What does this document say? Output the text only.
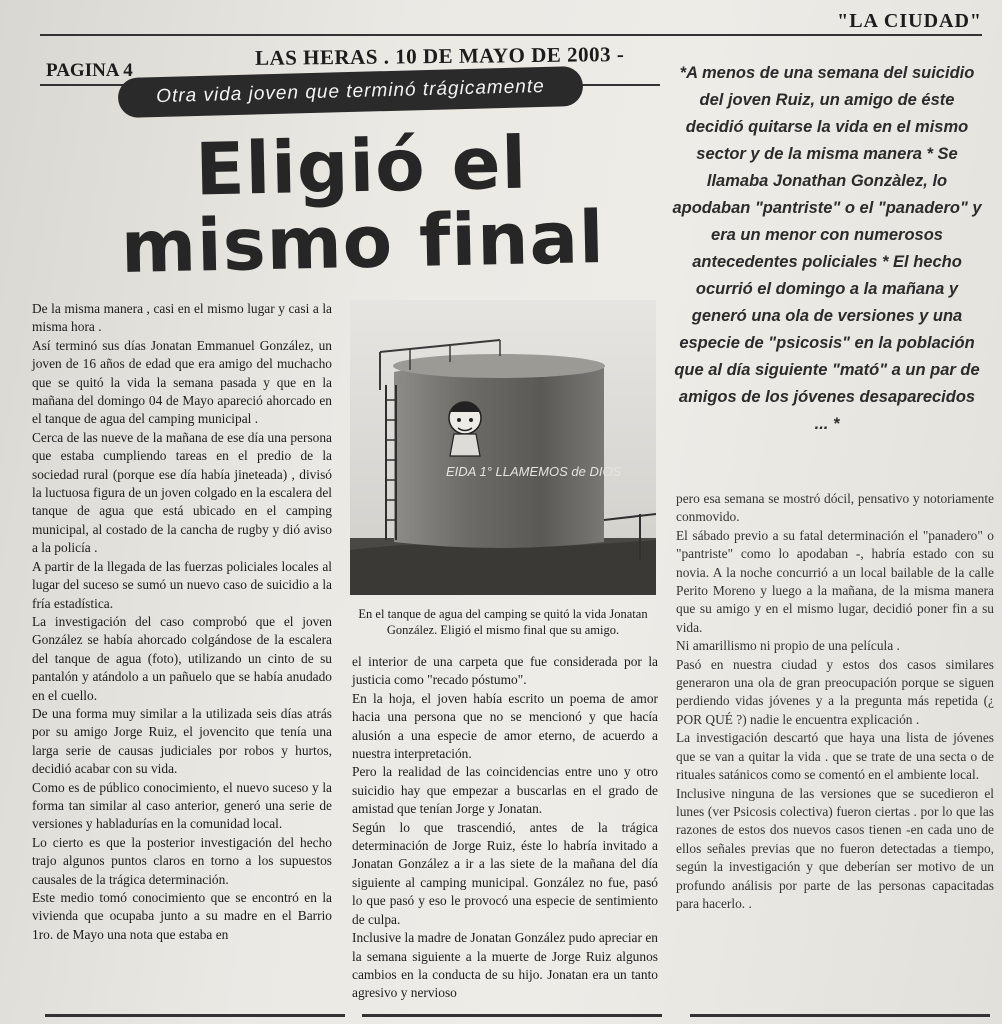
"LA CIUDAD"
LAS HERAS . 10 DE MAYO DE 2003 -
PAGINA 4
Otra vida joven que terminó trágicamente
Eligió el
mismo final
*A menos de una semana del suicidio del joven Ruiz, un amigo de éste decidió quitarse la vida en el mismo sector y de la misma manera * Se llamaba Jonathan Gonzàlez, lo apodaban "pantriste" o el "panadero" y era un menor con numerosos antecedentes policiales * El hecho ocurrió el domingo a la mañana y generó una ola de versiones y una especie de "psicosis" en la población que al día siguiente "mató" a un par de amigos de los jóvenes desaparecidos ... *

De la misma manera , casi en el mismo lugar y casi a la misma hora .

Así terminó sus días Jonatan Emmanuel González, un joven de 16 años de edad que era amigo del muchacho que se quitó la vida la semana pasada y que en la mañana del domingo 04 de Mayo apareció ahorcado en el tanque de agua del camping municipal .

Cerca de las nueve de la mañana de ese día una persona que estaba cumpliendo tareas en el predio de la sociedad rural (porque ese día había jineteada) , divisó la luctuosa figura de un joven colgado en la escalera del tanque de agua que está ubicado en el camping municipal, al costado de la cancha de rugby y dió aviso a la policía .

A partir de la llegada de las fuerzas policiales locales al lugar del suceso se sumó un nuevo caso de suicidio a la fría estadística.

La investigación del caso comprobó que el joven González se había ahorcado colgándose de la escalera del tanque de agua (foto), utilizando un cinto de su pantalón y atándolo a un pañuelo que se había anudado en el cuello.

De una forma muy similar a la utilizada seis días atrás por su amigo Jorge Ruiz, el jovencito que tenía una larga serie de causas judiciales por robos y hurtos, decidió acabar con su vida.

Como es de público conocimiento, el nuevo suceso y la forma tan similar al caso anterior, generó una serie de versiones y habladurías en la comunidad local.

Lo cierto es que la posterior investigación del hecho trajo algunos puntos claros en torno a los supuestos causales de la trágica determinación.

Este medio tomó conocimiento que se encontró en la vivienda que ocupaba junto a su madre en el Barrio 1ro. de Mayo una nota que estaba en

EIDA 1° LLAMEMOS de DIOS
En el tanque de agua del camping se quitó la vida Jonatan González. Eligió el mismo final que su amigo.

el interior de una carpeta que fue considerada por la justicia como "recado póstumo".

En la hoja, el joven había escrito un poema de amor hacia una persona que no se mencionó y que hacía alusión a una especie de amor eterno, de acuerdo a nuestra interpretación.

Pero la realidad de las coincidencias entre uno y otro suicidio hay que empezar a buscarlas en el grado de amistad que tenían Jorge y Jonatan.

Según lo que trascendió, antes de la trágica determinación de Jorge Ruiz, éste lo habría invitado a Jonatan González a ir a las siete de la mañana del día siguiente al camping municipal. González no fue, pasó lo que pasó y eso le provocó una especie de sentimiento de culpa.

Inclusive la madre de Jonatan González pudo apreciar en la semana siguiente a la muerte de Jorge Ruiz algunos cambios en la conducta de su hijo. Jonatan era un tanto agresivo y nervioso

pero esa semana se mostró dócil, pensativo y notoriamente conmovido.

El sábado previo a su fatal determinación el "panadero" o "pantriste" como lo apodaban -, habría estado con su novia. A la noche concurrió a un local bailable de la calle Perito Moreno y luego a la mañana, de la misma manera que su amigo y en el mismo lugar, decidió poner fin a su vida.

Ni amarillismo ni propio de una película .

Pasó en nuestra ciudad y estos dos casos similares generaron una ola de gran preocupación porque se siguen perdiendo vidas jóvenes y a la pregunta más repetida (¿ POR QUÉ ?) nadie le encuentra explicación .

La investigación descartó que haya una lista de jóvenes que se van a quitar la vida . que se trate de una secta o de rituales satánicos como se comentó en el ambiente local.

Inclusive ninguna de las versiones que se sucedieron el lunes (ver Psicosis colectiva) fueron ciertas . por lo que las razones de estos dos nuevos casos tienen -en cada uno de ellos señales previas que no fueron detectadas a tiempo, según la investigación y que deberían ser motivo de un profundo análisis por parte de las personas capacitadas para hacerlo. .
